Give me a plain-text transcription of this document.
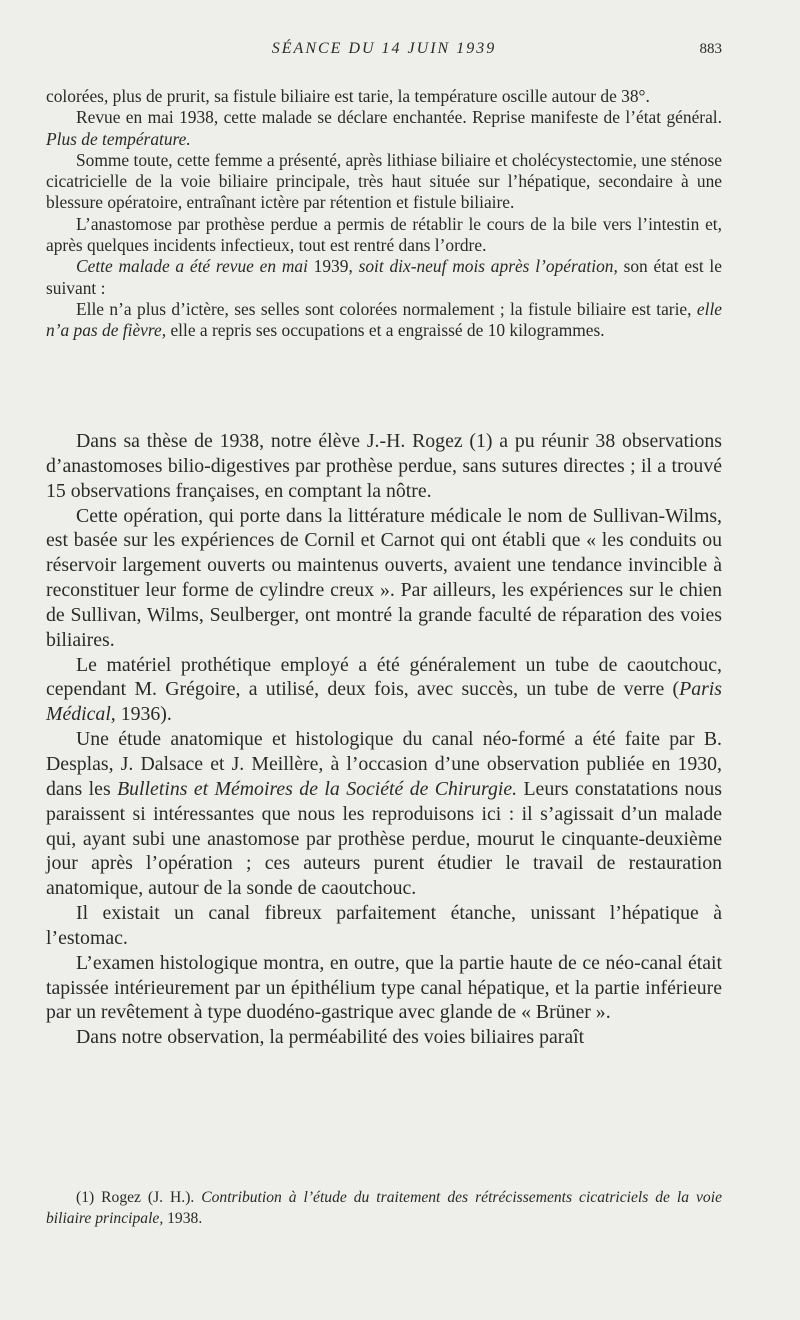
SÉANCE DU 14 JUIN 1939	883

colorées, plus de prurit, sa fistule biliaire est tarie, la température oscille autour de 38°.

Revue en mai 1938, cette malade se déclare enchantée. Reprise manifeste de l’état général. Plus de température.

Somme toute, cette femme a présenté, après lithiase biliaire et cholécystectomie, une sténose cicatricielle de la voie biliaire principale, très haut située sur l’hépatique, secondaire à une blessure opératoire, entraînant ictère par rétention et fistule biliaire.

L’anastomose par prothèse perdue a permis de rétablir le cours de la bile vers l’intestin et, après quelques incidents infectieux, tout est rentré dans l’ordre.

Cette malade a été revue en mai 1939, soit dix-neuf mois après l’opération, son état est le suivant :

Elle n’a plus d’ictère, ses selles sont colorées normalement ; la fistule biliaire est tarie, elle n’a pas de fièvre, elle a repris ses occupations et a engraissé de 10 kilogrammes.

Dans sa thèse de 1938, notre élève J.-H. Rogez (1) a pu réunir 38 observations d’anastomoses bilio-digestives par prothèse perdue, sans sutures directes ; il a trouvé 15 observations françaises, en comptant la nôtre.

Cette opération, qui porte dans la littérature médicale le nom de Sullivan-Wilms, est basée sur les expériences de Cornil et Carnot qui ont établi que « les conduits ou réservoir largement ouverts ou maintenus ouverts, avaient une tendance invincible à reconstituer leur forme de cylindre creux ». Par ailleurs, les expériences sur le chien de Sullivan, Wilms, Seulberger, ont montré la grande faculté de réparation des voies biliaires.

Le matériel prothétique employé a été généralement un tube de caoutchouc, cependant M. Grégoire, a utilisé, deux fois, avec succès, un tube de verre (Paris Médical, 1936).

Une étude anatomique et histologique du canal néo-formé a été faite par B. Desplas, J. Dalsace et J. Meillère, à l’occasion d’une observation publiée en 1930, dans les Bulletins et Mémoires de la Société de Chirurgie. Leurs constatations nous paraissent si intéressantes que nous les reproduisons ici : il s’agissait d’un malade qui, ayant subi une anastomose par prothèse perdue, mourut le cinquante-deuxième jour après l’opération ; ces auteurs purent étudier le travail de restauration anatomique, autour de la sonde de caoutchouc.

Il existait un canal fibreux parfaitement étanche, unissant l’hépatique à l’estomac.

L’examen histologique montra, en outre, que la partie haute de ce néo-canal était tapissée intérieurement par un épithélium type canal hépatique, et la partie inférieure par un revêtement à type duodéno-gastrique avec glande de « Brüner ».

Dans notre observation, la perméabilité des voies biliaires paraît

(1) Rogez (J. H.). Contribution à l’étude du traitement des rétrécissements cicatriciels de la voie biliaire principale, 1938.
